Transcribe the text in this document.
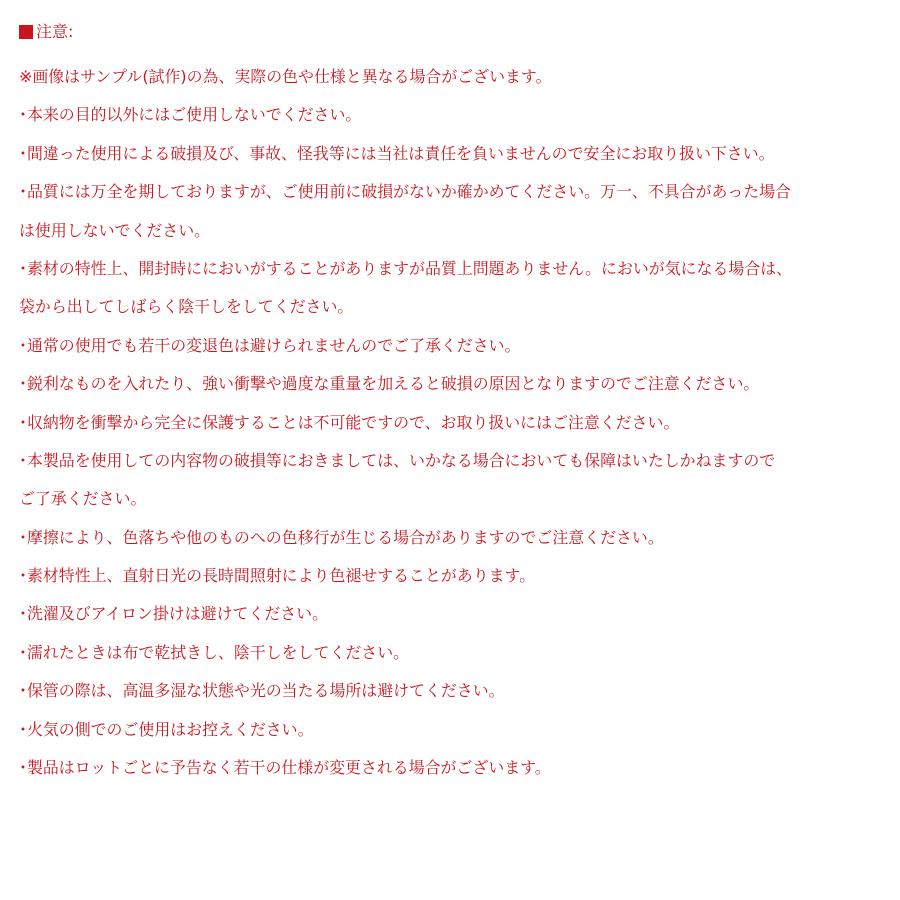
注意:
※画像はサンプル(試作)の為、実際の色や仕様と異なる場合がございます。
･本来の目的以外にはご使用しないでください。
･間違った使用による破損及び、事故、怪我等には当社は責任を負いませんので安全にお取り扱い下さい。
･品質には万全を期しておりますが、ご使用前に破損がないか確かめてください。万一、不具合があった場合
は使用しないでください。
･素材の特性上、開封時ににおいがすることがありますが品質上問題ありません。においが気になる場合は、
袋から出してしばらく陰干しをしてください。
･通常の使用でも若干の変退色は避けられませんのでご了承ください。
･鋭利なものを入れたり、強い衝撃や過度な重量を加えると破損の原因となりますのでご注意ください。
･収納物を衝撃から完全に保護することは不可能ですので、お取り扱いにはご注意ください。
･本製品を使用しての内容物の破損等におきましては、いかなる場合においても保障はいたしかねますので
ご了承ください。
･摩擦により、色落ちや他のものへの色移行が生じる場合がありますのでご注意ください。
･素材特性上、直射日光の長時間照射により色褪せすることがあります。
･洗濯及びアイロン掛けは避けてください。
･濡れたときは布で乾拭きし、陰干しをしてください。
･保管の際は、高温多湿な状態や光の当たる場所は避けてください。
･火気の側でのご使用はお控えください。
･製品はロットごとに予告なく若干の仕様が変更される場合がございます。
